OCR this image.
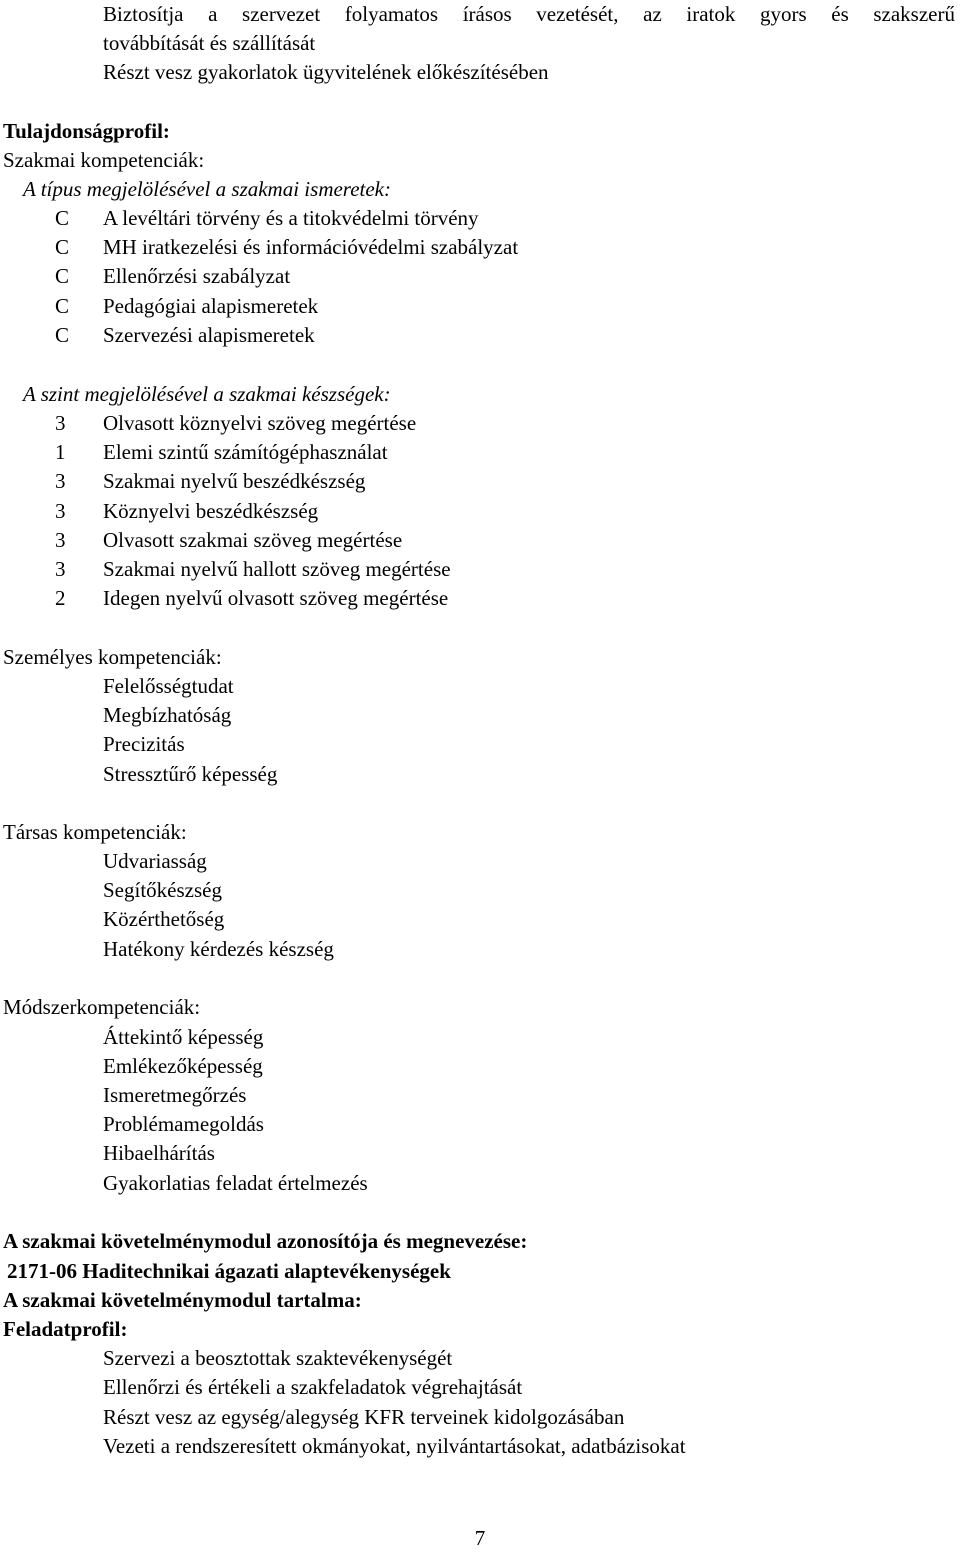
Biztosítja a szervezet folyamatos írásos vezetését, az iratok gyors és szakszerű
továbbítását és szállítását
Részt vesz gyakorlatok ügyvitelének előkészítésében
Tulajdonságprofil:
Szakmai kompetenciák:
A típus megjelölésével a szakmai ismeretek:
C A levéltári törvény és a titokvédelmi törvény
C MH iratkezelési és információvédelmi szabályzat
C Ellenőrzési szabályzat
C Pedagógiai alapismeretek
C Szervezési alapismeretek
A szint megjelölésével a szakmai készségek:
3 Olvasott köznyelvi szöveg megértése
1 Elemi szintű számítógéphasználat
3 Szakmai nyelvű beszédkészség
3 Köznyelvi beszédkészség
3 Olvasott szakmai szöveg megértése
3 Szakmai nyelvű hallott szöveg megértése
2 Idegen nyelvű olvasott szöveg megértése
Személyes kompetenciák:
Felelősségtudat
Megbízhatóság
Precizitás
Stressztűrő képesség
Társas kompetenciák:
Udvariasság
Segítőkészség
Közérthetőség
Hatékony kérdezés készség
Módszerkompetenciák:
Áttekintő képesség
Emlékezőképesség
Ismeretmegőrzés
Problémamegoldás
Hibaelhárítás
Gyakorlatias feladat értelmezés
A szakmai követelménymodul azonosítója és megnevezése:
2171-06 Haditechnikai ágazati alaptevékenységek
A szakmai követelménymodul tartalma:
Feladatprofil:
Szervezi a beosztottak szaktevékenységét
Ellenőrzi és értékeli a szakfeladatok végrehajtását
Részt vesz az egység/alegység KFR terveinek kidolgozásában
Vezeti a rendszeresített okmányokat, nyilvántartásokat, adatbázisokat
7
